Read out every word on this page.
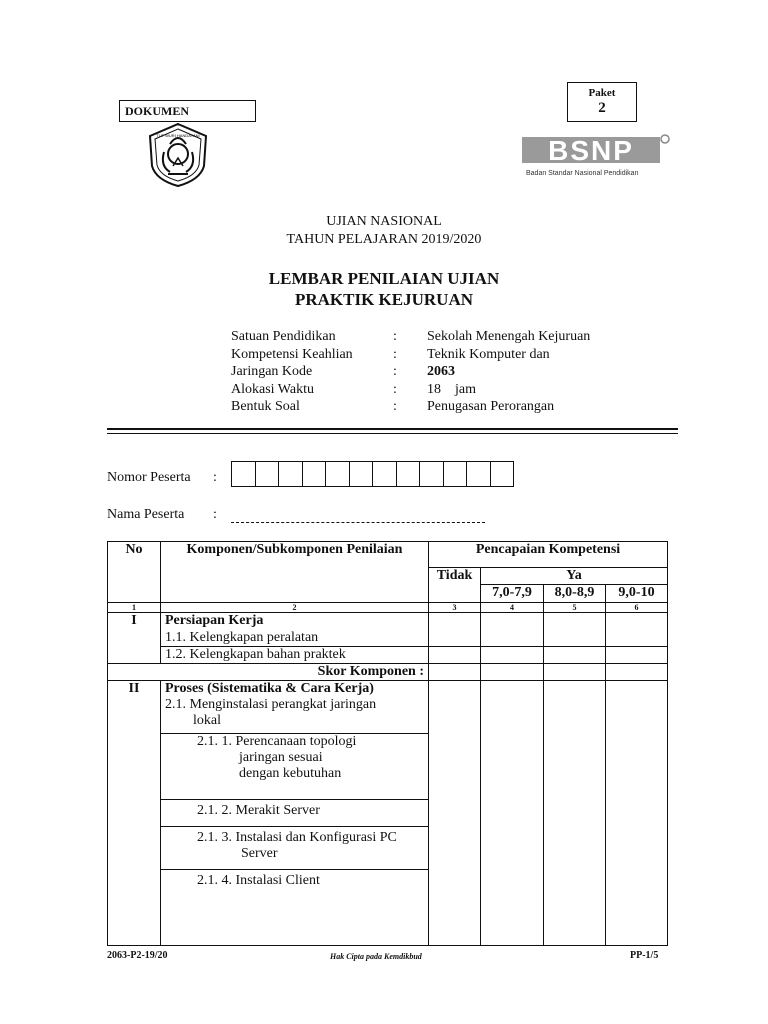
DOKUMEN
Paket
2
TUT WURI HANDAYANI	BSNP
Badan Standar Nasional Pendidikan
UJIAN NASIONAL
TAHUN PELAJARAN 2019/2020
LEMBAR PENILAIAN UJIAN
PRAKTIK KEJURUAN
Satuan Pendidikan	:	Sekolah Menengah Kejuruan
Kompetensi Keahlian	:	Teknik Komputer dan
Jaringan Kode	:	2063
Alokasi Waktu	:	18    jam
Bentuk Soal	:	Penugasan Perorangan
Nomor Peserta :
Nama Peserta :
No	Komponen/Subkomponen Penilaian	Pencapaian Kompetensi			
		Tidak	Ya		
			7,0-7,9	8,0-8,9	9,0-10
1	2	3	4	5	6
I	Persiapan Kerja				
	1.1. Kelengkapan peralatan				
	1.2. Kelengkapan bahan praktek				
Skor Komponen :					
II	Proses (Sistematika & Cara Kerja)
2.1. Menginstalasi perangkat jaringan
lokal				

	2.1. 1. Perencanaan topologi
jaringan sesuai
dengan kebutuhan				

	2.1. 2. Merakit Server				

	2.1. 3. Instalasi dan Konfigurasi PC
Server				

	2.1. 4. Instalasi Client				
2063-P2-19/20	Hak Cipta pada Kemdikbud	PP-1/5
